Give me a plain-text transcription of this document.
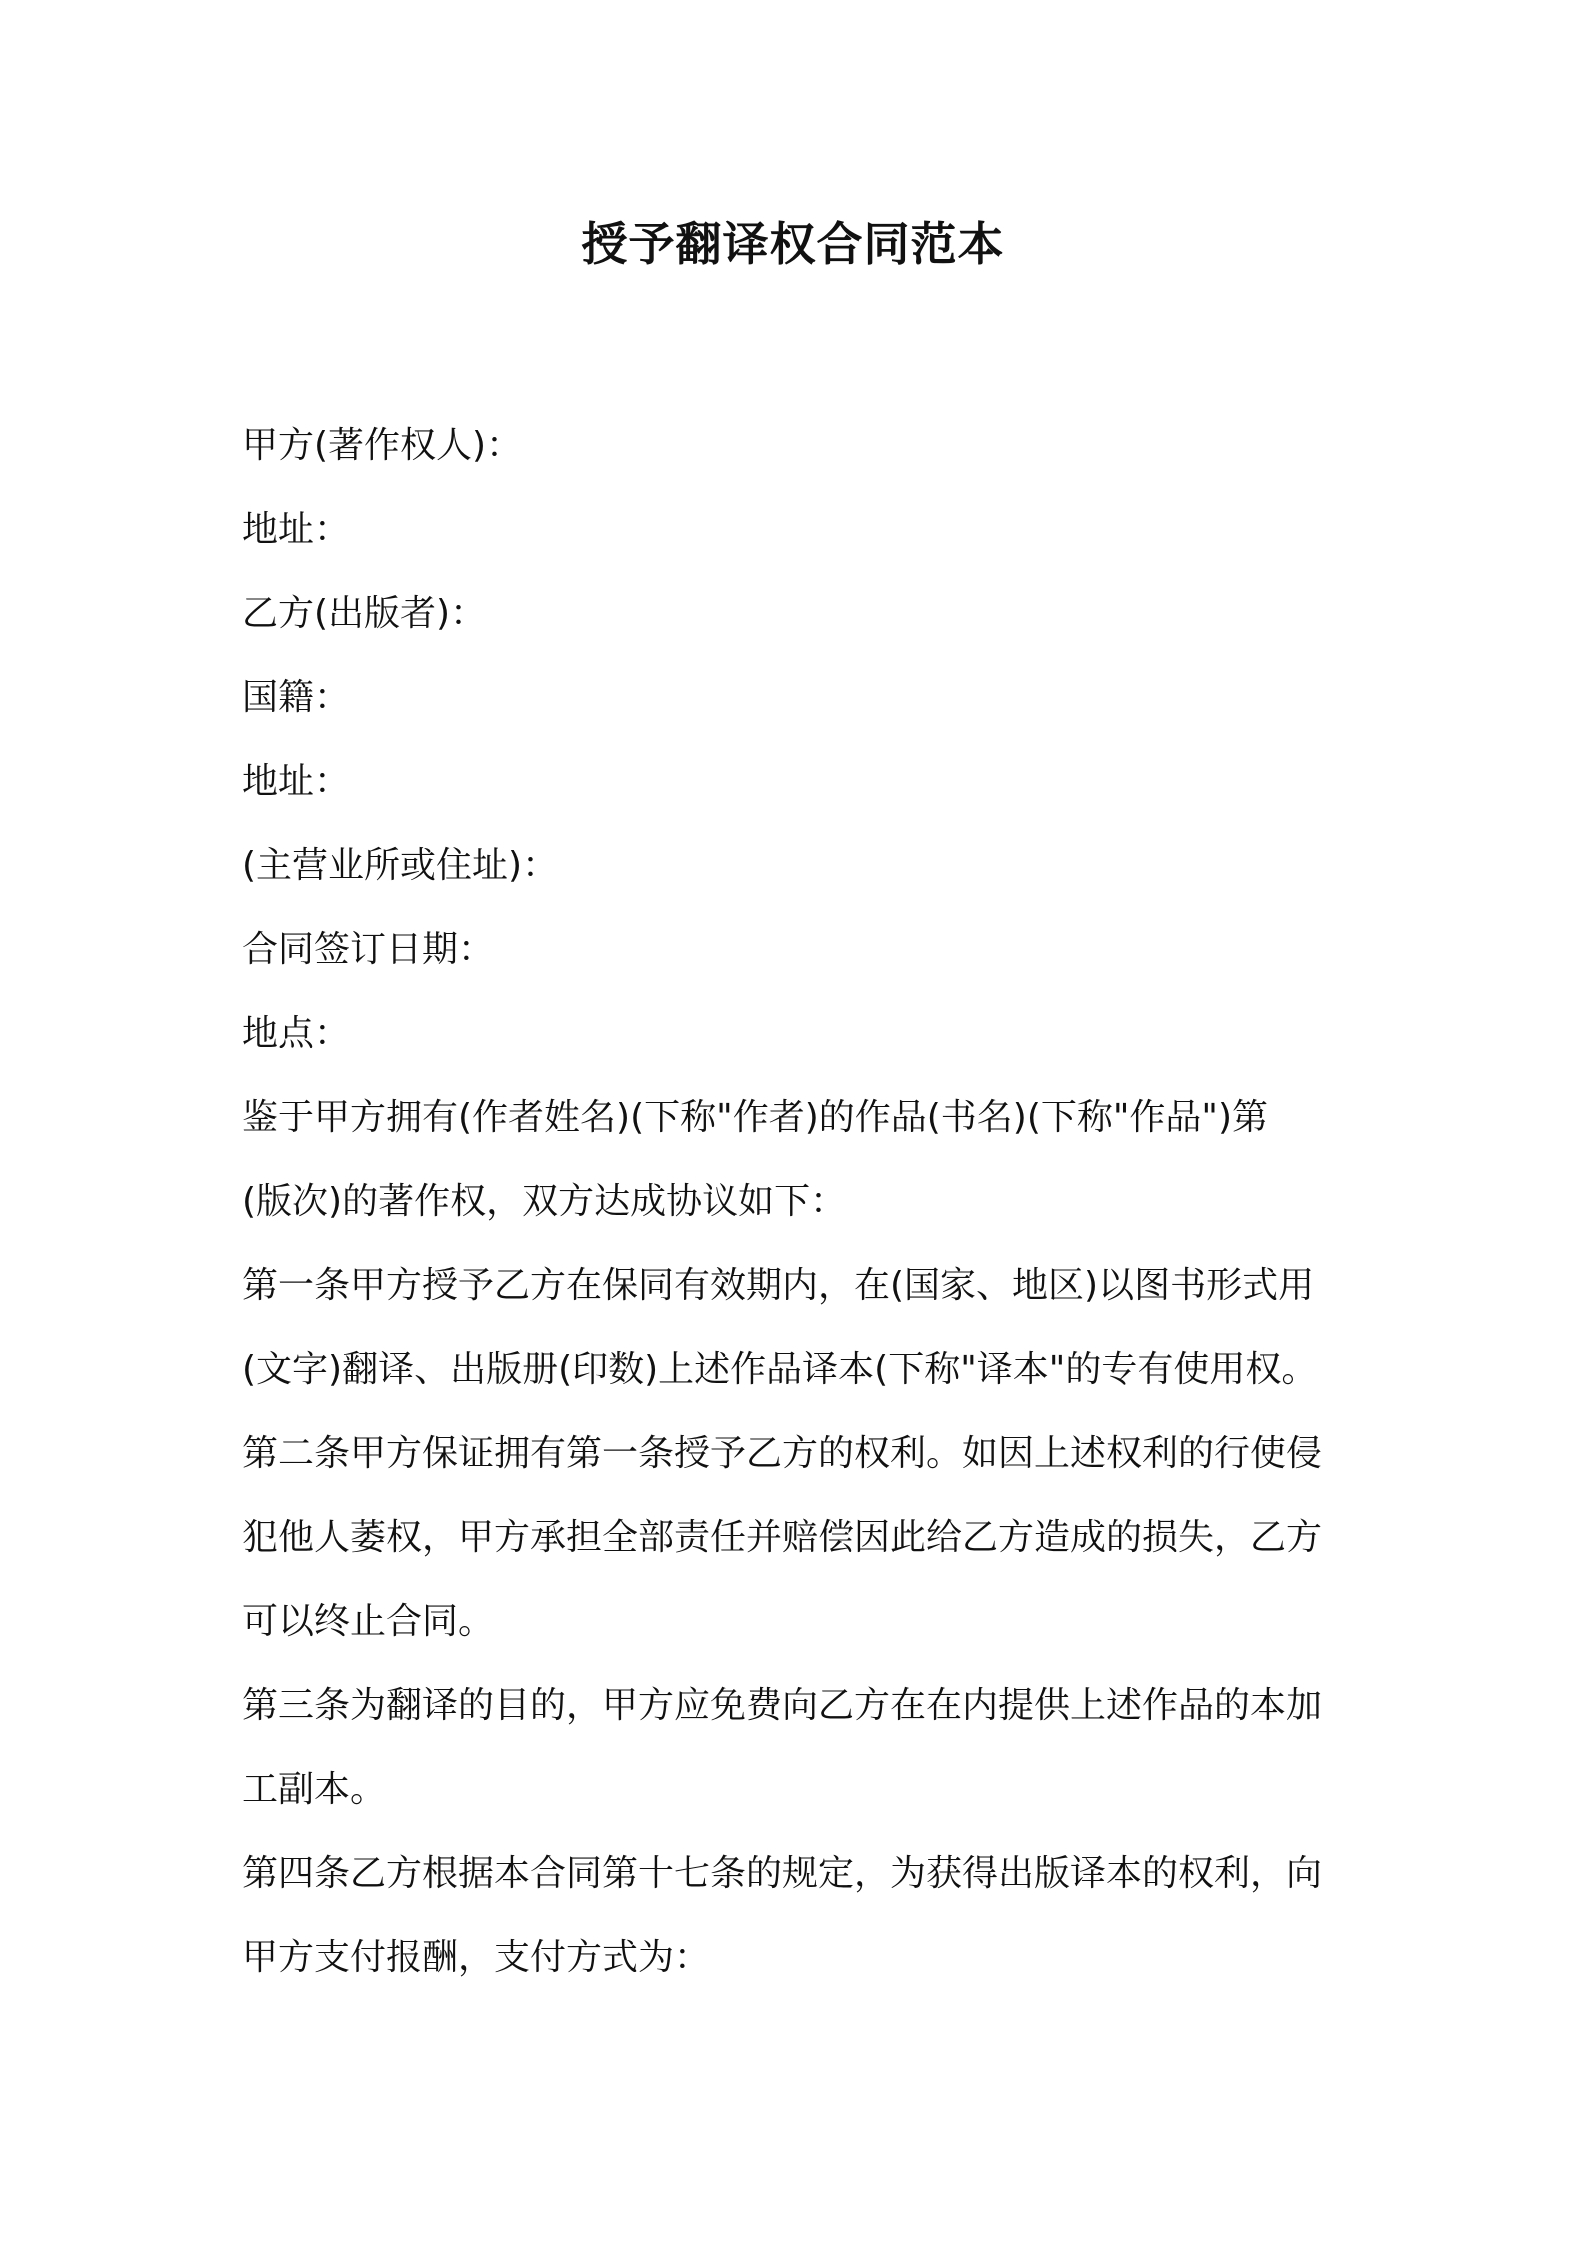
授予翻译权合同范本
甲方(著作权人)：
地址：
乙方(出版者)：
国籍：
地址：
(主营业所或住址)：
合同签订日期：
地点：
鉴于甲方拥有(作者姓名)(下称"作者)的作品(书名)(下称"作品")第
(版次)的著作权，双方达成协议如下：
第一条甲方授予乙方在保同有效期内，在(国家、地区)以图书形式用
(文字)翻译、出版册(印数)上述作品译本(下称"译本"的专有使用权。
第二条甲方保证拥有第一条授予乙方的权利。如因上述权利的行使侵
犯他人萎权，甲方承担全部责任并赔偿因此给乙方造成的损失，乙方
可以终止合同。
第三条为翻译的目的，甲方应免费向乙方在在内提供上述作品的本加
工副本。
第四条乙方根据本合同第十七条的规定，为获得出版译本的权利，向
甲方支付报酬，支付方式为：
